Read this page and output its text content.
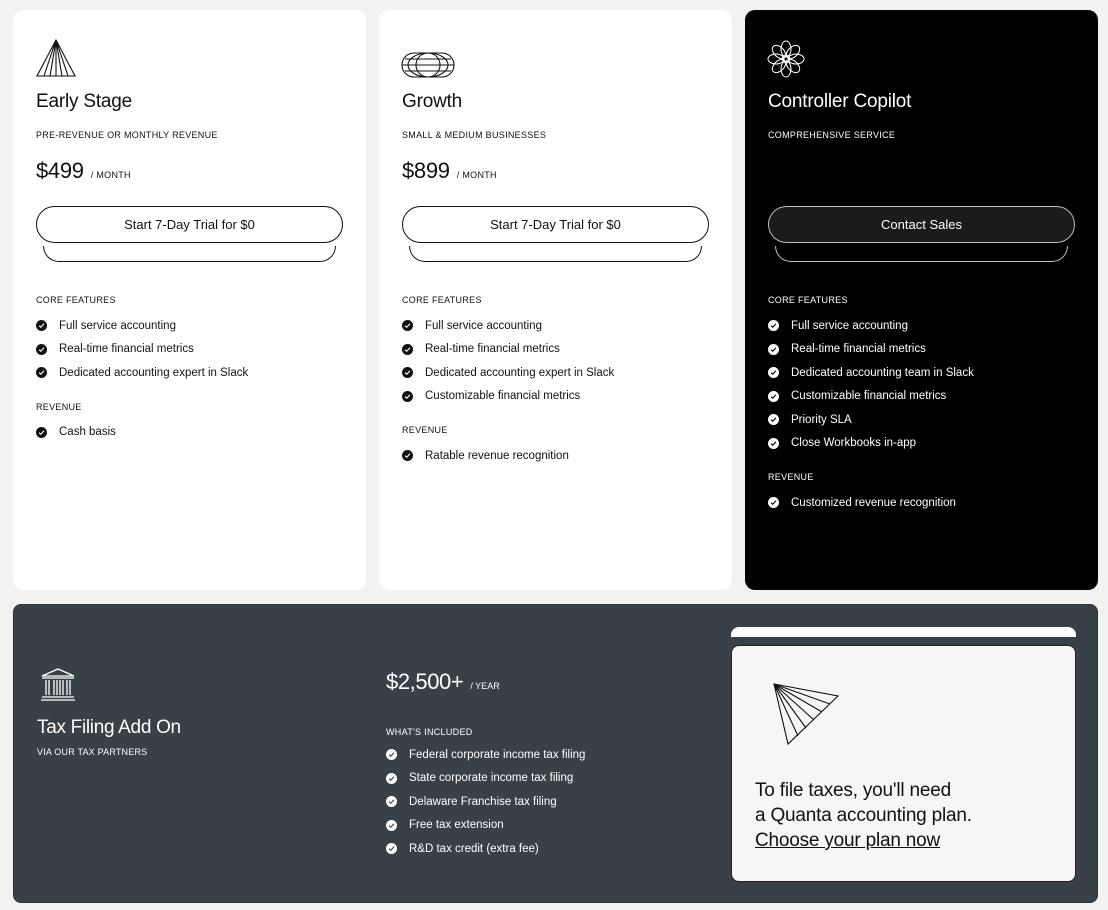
Early Stage
PRE-REVENUE OR MONTHLY REVENUE
$499 / MONTH
Start 7-Day Trial for $0
CORE FEATURES
Full service accounting
Real-time financial metrics
Dedicated accounting expert in Slack
REVENUE
Cash basis
Growth
SMALL & MEDIUM BUSINESSES
$899 / MONTH
Start 7-Day Trial for $0
CORE FEATURES
Full service accounting
Real-time financial metrics
Dedicated accounting expert in Slack
Customizable financial metrics
REVENUE
Ratable revenue recognition
Controller Copilot
COMPREHENSIVE SERVICE
Contact Sales
CORE FEATURES
Full service accounting
Real-time financial metrics
Dedicated accounting team in Slack
Customizable financial metrics
Priority SLA
Close Workbooks in-app
REVENUE
Customized revenue recognition
Tax Filing Add On
VIA OUR TAX PARTNERS
$2,500+ / YEAR
WHAT'S INCLUDED
Federal corporate income tax filing
State corporate income tax filing
Delaware Franchise tax filing
Free tax extension
R&D tax credit (extra fee)
To file taxes, you'll need
a Quanta accounting plan.
Choose your plan now
